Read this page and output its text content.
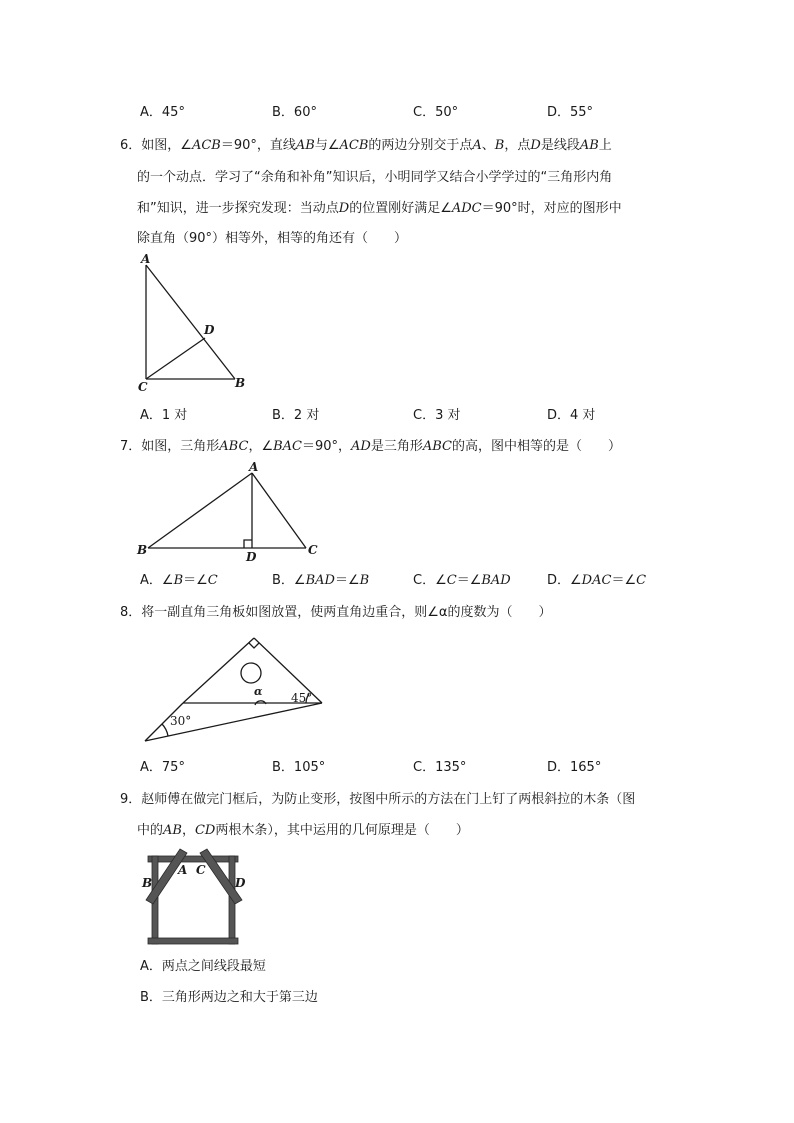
A．45°	B．60°	C．50°	D．55°
6．如图，∠ACB＝90°，直线AB与∠ACB的两边分别交于点A、B，点D是线段AB上
的一个动点．学习了“余角和补角”知识后，小明同学又结合小学学过的“三角形内角
和”知识，进一步探究发现：当动点D的位置刚好满足∠ADC＝90°时，对应的图形中
除直角（90°）相等外，相等的角还有（　　）
A
B
C
D
A．1 对	B．2 对	C．3 对	D．4 对
7．如图，三角形ABC，∠BAC＝90°，AD是三角形ABC的高，图中相等的是（　　）
A
B	C
D
A．∠B＝∠C	B．∠BAD＝∠B	C．∠C＝∠BAD	D．∠DAC＝∠C
8．将一副直角三角板如图放置，使两直角边重合，则∠α的度数为（　　）
α 45°
30°
A．75°	B．105°	C．135°	D．165°
9．赵师傅在做完门框后，为防止变形，按图中所示的方法在门上钉了两根斜拉的木条（图
中的AB，CD两根木条），其中运用的几何原理是（　　）
B
A C
D
A．两点之间线段最短
B．三角形两边之和大于第三边
